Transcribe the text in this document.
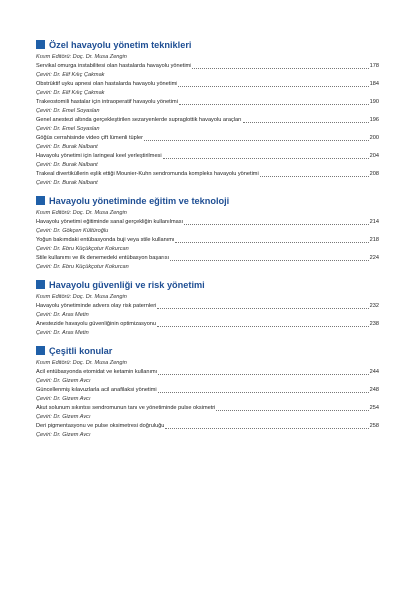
Özel havayolu yönetim teknikleri
Kısım Editörü: Doç. Dr. Musa Zengin
Servikal omurga instabilitesi olan hastalarda havayolu yönetimi	178
Çeviri: Dr. Elif Kılıç Çakmak
Obstrüktif uyku apnesi olan hastalarda havayolu yönetimi	184
Çeviri: Dr. Elif Kılıç Çakmak
Trakeostomili hastalar için intraoperatif havayolu yönetimi	190
Çeviri: Dr. Emel Soyaslan
Genel anestezi altında gerçekleştirilen sezaryenlerde supraglottik havayolu araçları	196
Çeviri: Dr. Emel Soyaslan
Göğüs cerrahisinde video çift lümenli tüpler	200
Çeviri: Dr. Burak Nalbant
Havayolu yönetimi için laringeal keel yerleştirilmesi	204
Çeviri: Dr. Burak Nalbant
Trakeal divertiküllerin eşlik ettiği Mounier-Kuhn sendromunda kompleks havayolu yönetimi	208
Çeviri: Dr. Burak Nalbant
Havayolu yönetiminde eğitim ve teknoloji
Kısım Editörü: Doç. Dr. Musa Zengin
Havayolu yönetimi eğitiminde sanal gerçekliğin kullanılması	214
Çeviri: Dr. Gökçen Kültüroğlu
Yoğun bakımdaki entübasyonda buji veya stile kullanımı	218
Çeviri: Dr. Ebru Küçükçotur Kokurcan
Stile kullanımı ve ilk denemedeki entübasyon başarısı	224
Çeviri: Dr. Ebru Küçükçotur Kokurcan
Havayolu güvenliği ve risk yönetimi
Kısım Editörü: Doç. Dr. Musa Zengin
Havayolu yönetiminde advers olay risk paternleri	232
Çeviri: Dr. Aras Metin
Anestezide havayolu güvenliğinin optimizasyonu	238
Çeviri: Dr. Aras Metin
Çeşitli konular
Kısım Editörü: Doç. Dr. Musa Zengin
Acil entübasyonda etomidat ve ketamin kullanımı	244
Çeviri: Dr. Gizem Avcı
Güncellenmiş kılavuzlarla acil anafilaksi yönetimi	248
Çeviri: Dr. Gizem Avcı
Akut solunum sıkıntısı sendromunun tanı ve yönetiminde pulse oksimetri	254
Çeviri: Dr. Gizem Avcı
Deri pigmentasyonu ve pulse oksimetresi doğruluğu	258
Çeviri: Dr. Gizem Avcı
